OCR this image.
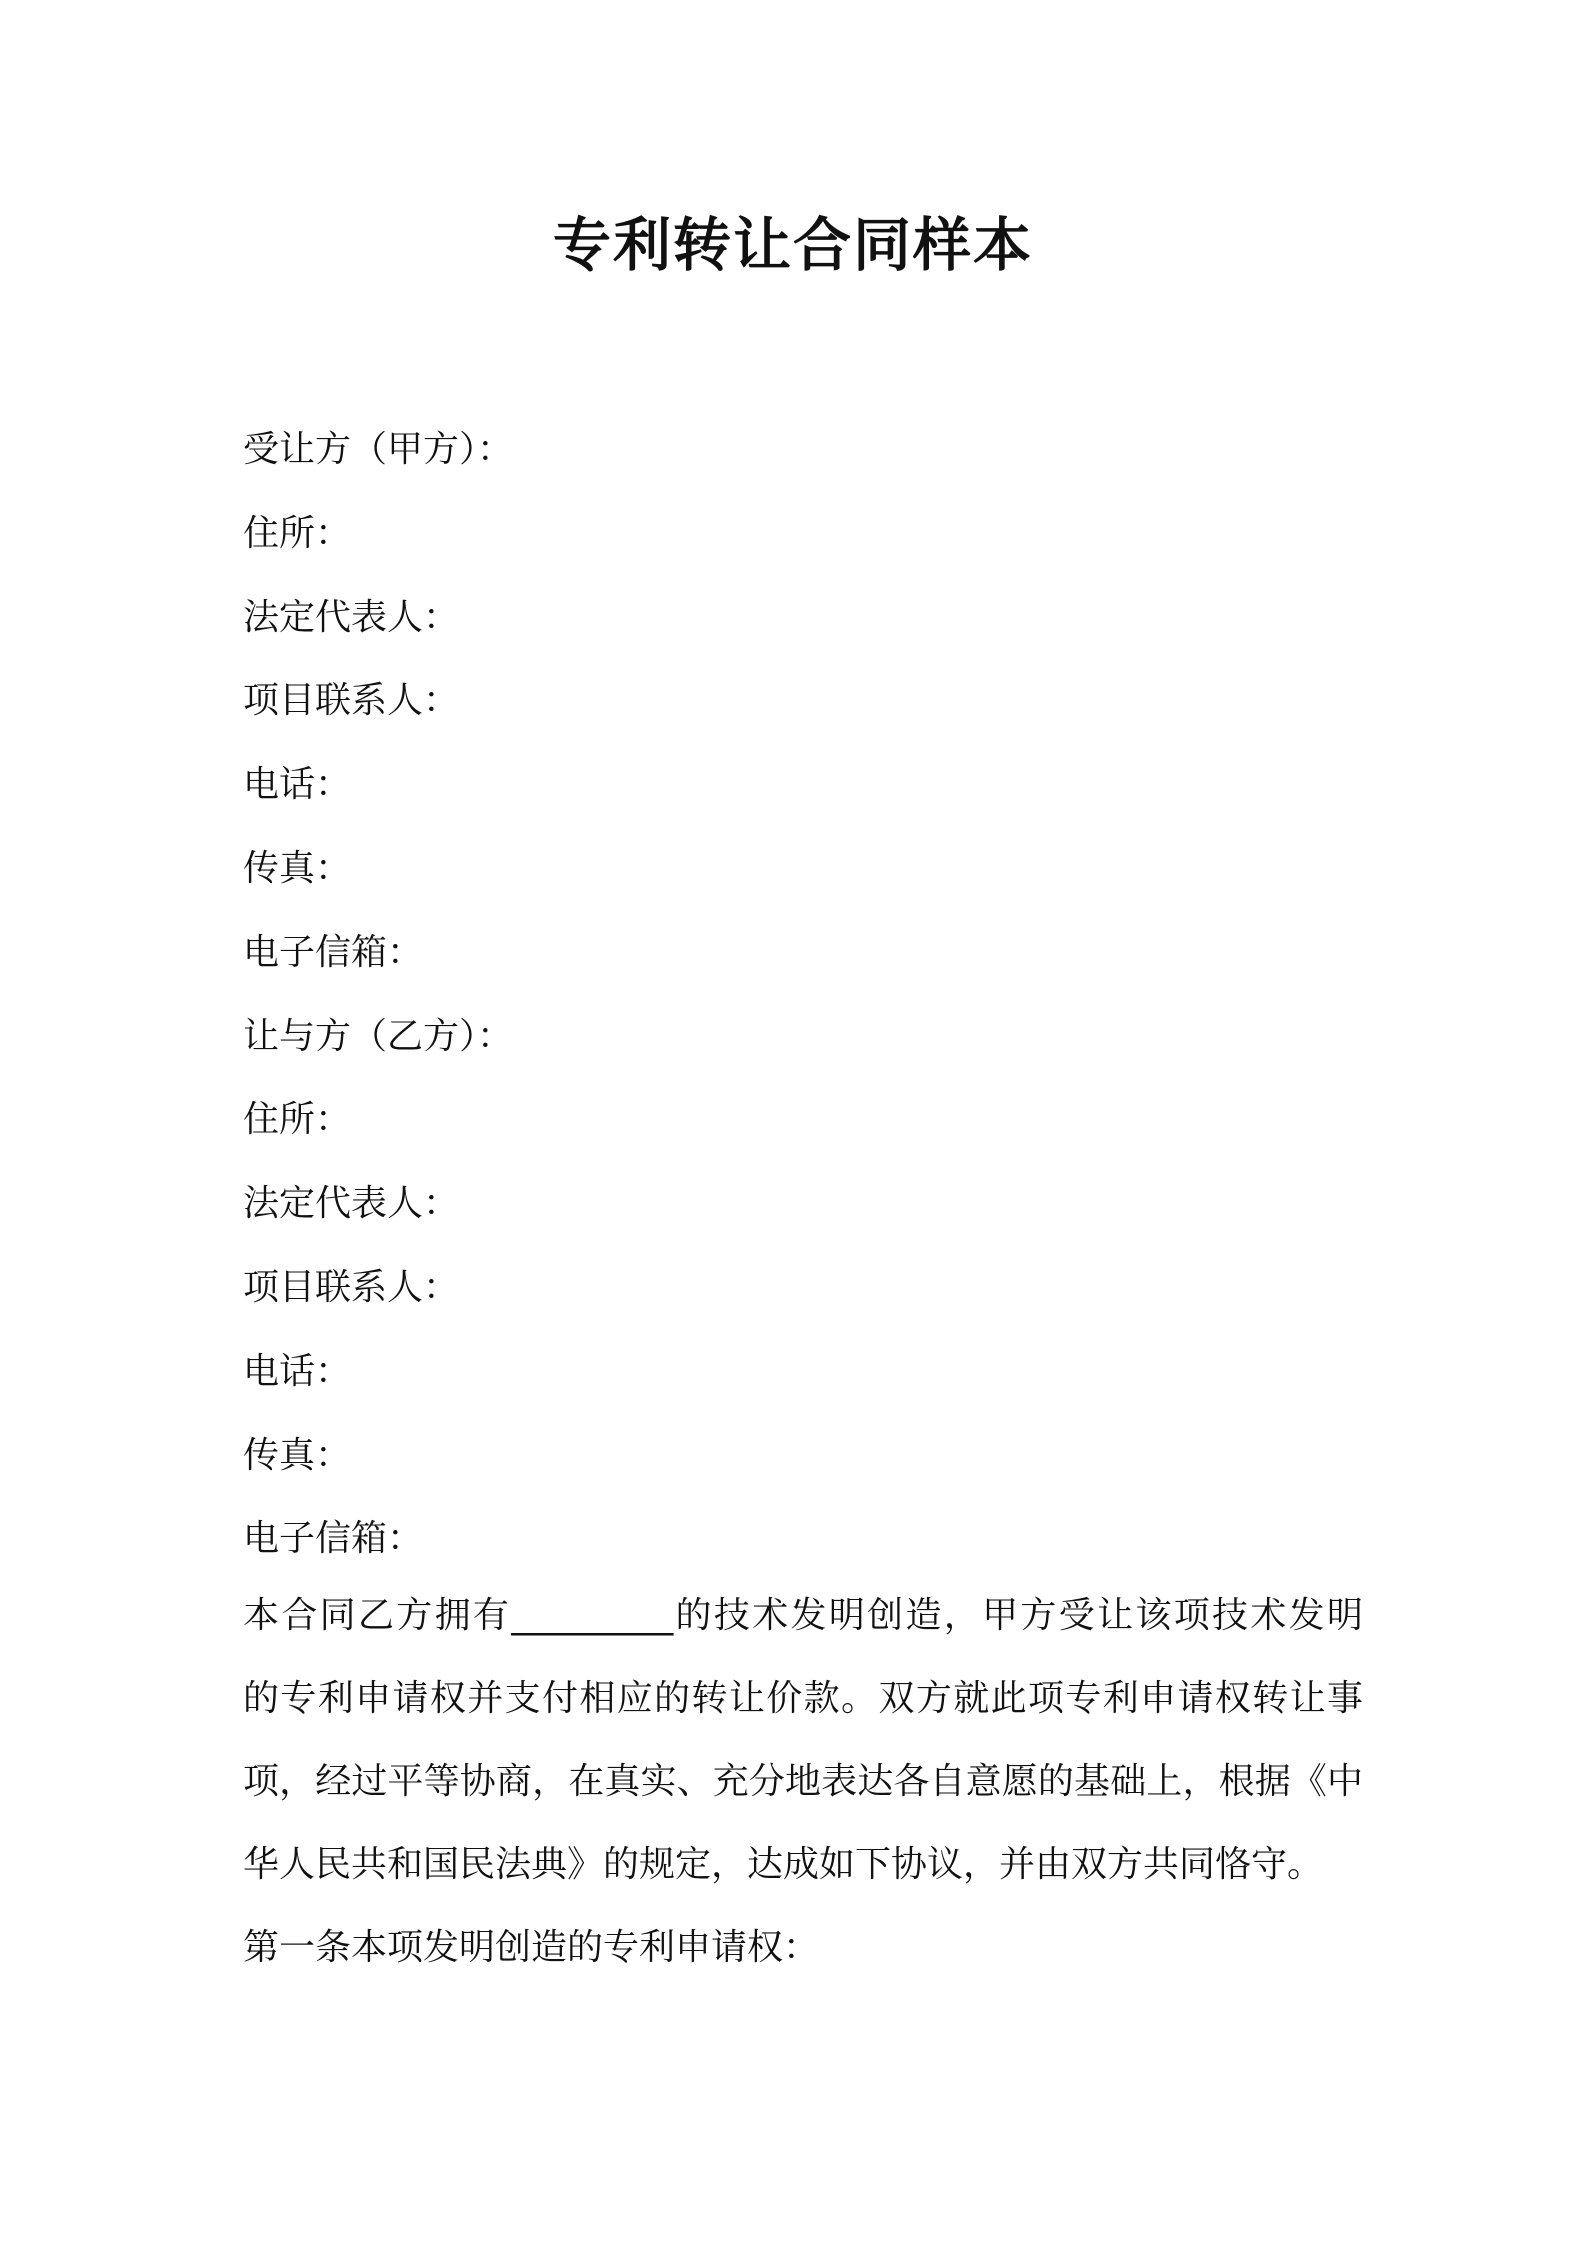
专利转让合同样本
受让方（甲方）：
住所：
法定代表人：
项目联系人：
电话：
传真：
电子信箱：
让与方（乙方）：
住所：
法定代表人：
项目联系人：
电话：
传真：
电子信箱：

本合同乙方拥有_________的技术发明创造，甲方受让该项技术发明
的专利申请权并支付相应的转让价款。双方就此项专利申请权转让事
项，经过平等协商，在真实、充分地表达各自意愿的基础上，根据《中
华人民共和国民法典》的规定，达成如下协议，并由双方共同恪守。

第一条本项发明创造的专利申请权：
